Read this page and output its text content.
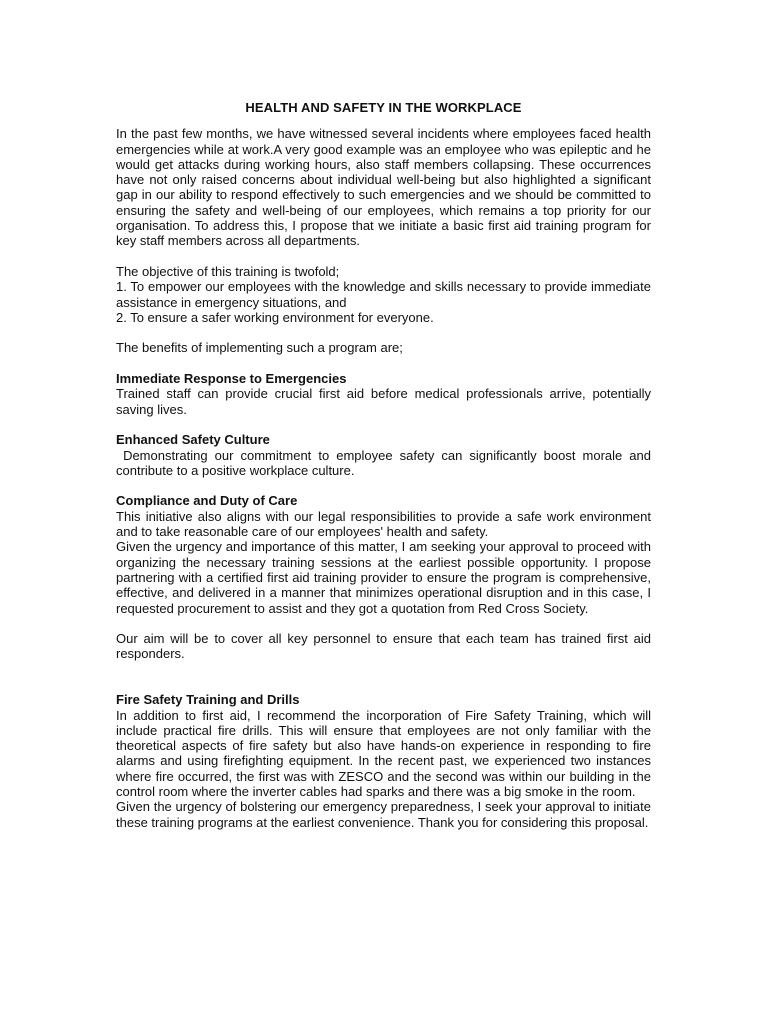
HEALTH AND SAFETY IN THE WORKPLACE

In the past few months, we have witnessed several incidents where employees faced health emergencies while at work.A very good example was an employee who was epileptic and he would get attacks during working hours, also staff members collapsing. These occurrences have not only raised concerns about individual well-being but also highlighted a significant gap in our ability to respond effectively to such emergencies and we should be committed to ensuring the safety and well-being of our employees, which remains a top priority for our organisation. To address this, I propose that we initiate a basic first aid training program for key staff members across all departments.

The objective of this training is twofold;

1. To empower our employees with the knowledge and skills necessary to provide immediate assistance in emergency situations, and

2. To ensure a safer working environment for everyone.

The benefits of implementing such a program are;

Immediate Response to Emergencies

Trained staff can provide crucial first aid before medical professionals arrive, potentially saving lives.

Enhanced Safety Culture

Demonstrating our commitment to employee safety can significantly boost morale and contribute to a positive workplace culture.

Compliance and Duty of Care

This initiative also aligns with our legal responsibilities to provide a safe work environment and to take reasonable care of our employees' health and safety.

Given the urgency and importance of this matter, I am seeking your approval to proceed with organizing the necessary training sessions at the earliest possible opportunity. I propose partnering with a certified first aid training provider to ensure the program is comprehensive, effective, and delivered in a manner that minimizes operational disruption and in this case, I requested procurement to assist and they got a quotation from Red Cross Society.

Our aim will be to cover all key personnel to ensure that each team has trained first aid responders.

Fire Safety Training and Drills

In addition to first aid, I recommend the incorporation of Fire Safety Training, which will include practical fire drills. This will ensure that employees are not only familiar with the theoretical aspects of fire safety but also have hands-on experience in responding to fire alarms and using firefighting equipment. In the recent past, we experienced two instances where fire occurred, the first was with ZESCO and the second was within our building in the control room where the inverter cables had sparks and there was a big smoke in the room.

Given the urgency of bolstering our emergency preparedness, I seek your approval to initiate these training programs at the earliest convenience. Thank you for considering this proposal.
